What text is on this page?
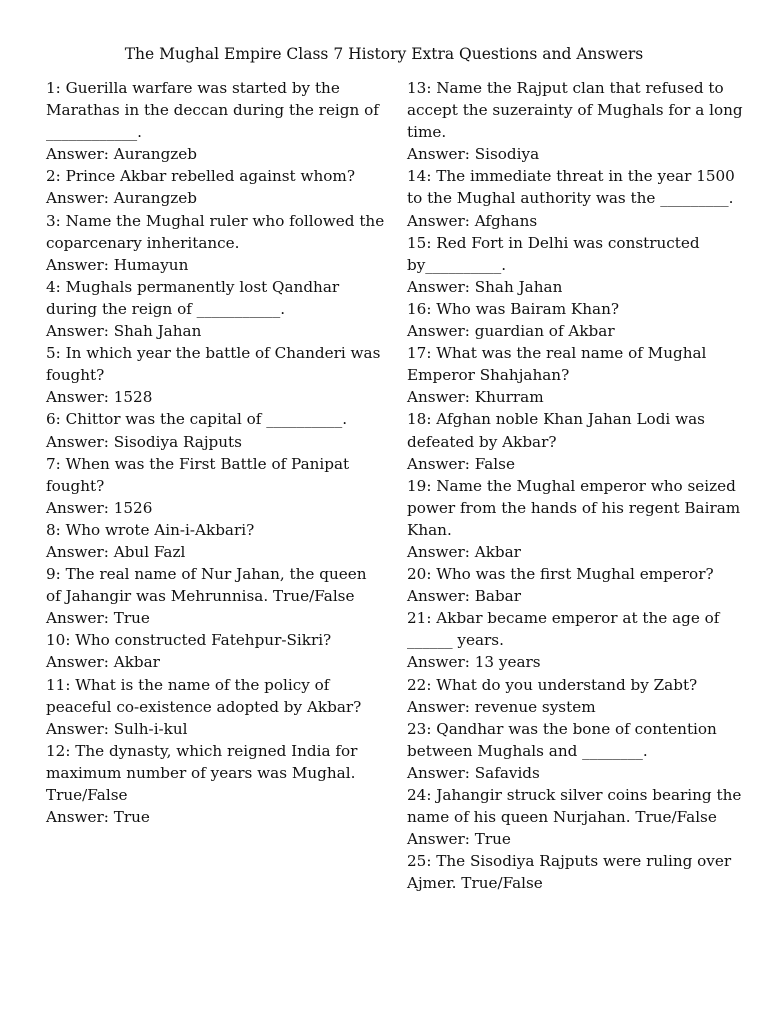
The Mughal Empire Class 7 History Extra Questions and Answers
1: Guerilla warfare was started by the Marathas in the deccan during the reign of ____________.
Answer: Aurangzeb
2: Prince Akbar rebelled against whom?
Answer: Aurangzeb
3: Name the Mughal ruler who followed the coparcenary inheritance.
Answer: Humayun
4: Mughals permanently lost Qandhar during the reign of ___________.
Answer: Shah Jahan
5: In which year the battle of Chanderi was fought?
Answer: 1528
6: Chittor was the capital of __________.
Answer: Sisodiya Rajputs
7: When was the First Battle of Panipat fought?
Answer: 1526
8: Who wrote Ain-i-Akbari?
Answer: Abul Fazl
9: The real name of Nur Jahan, the queen of Jahangir was Mehrunnisa. True/False
Answer: True
10: Who constructed Fatehpur-Sikri?
Answer: Akbar
11: What is the name of the policy of peaceful co-existence adopted by Akbar?
Answer: Sulh-i-kul
12: The dynasty, which reigned India for maximum number of years was Mughal. True/False
Answer: True
13: Name the Rajput clan that refused to accept the suzerainty of Mughals for a long time.
Answer: Sisodiya
14: The immediate threat in the year 1500 to the Mughal authority was the _________.
Answer: Afghans
15: Red Fort in Delhi was constructed by__________.
Answer: Shah Jahan
16: Who was Bairam Khan?
Answer: guardian of Akbar
17: What was the real name of Mughal Emperor Shahjahan?
Answer: Khurram
18: Afghan noble Khan Jahan Lodi was defeated by Akbar?
Answer: False
19: Name the Mughal emperor who seized power from the hands of his regent Bairam Khan.
Answer: Akbar
20: Who was the first Mughal emperor?
Answer: Babar
21: Akbar became emperor at the age of ______ years.
Answer: 13 years
22: What do you understand by Zabt?
Answer: revenue system
23: Qandhar was the bone of contention between Mughals and ________.
Answer: Safavids
24: Jahangir struck silver coins bearing the name of his queen Nurjahan. True/False
Answer: True
25: The Sisodiya Rajputs were ruling over Ajmer. True/False
